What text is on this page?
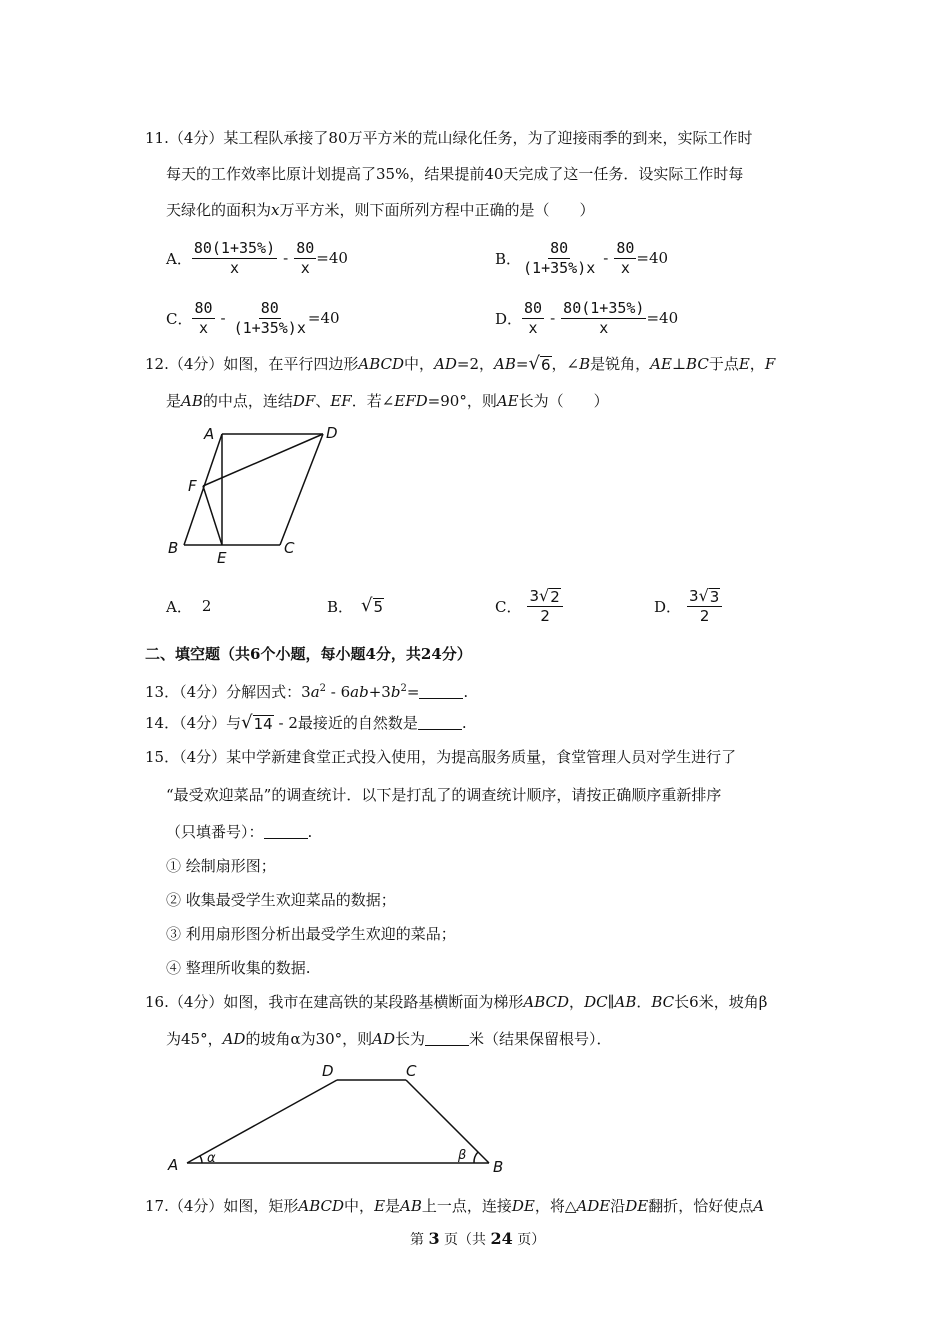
11.（4分）某工程队承接了80万平方米的荒山绿化任务，为了迎接雨季的到来，实际工作时
每天的工作效率比原计划提高了35%，结果提前40天完成了这一任务．设实际工作时每
天绿化的面积为x万平方米，则下面所列方程中正确的是（　　）
A． $\frac{80(1+35\%)}{x} - \frac{80}{x} =40$	B． $\frac{80}{(1+35\%)x} - \frac{80}{x} =40$
C． $\frac{80}{x} - \frac{80}{(1+35\%)x} =40$	D． $\frac{80}{x} - \frac{80(1+35\%)}{x} =40$
12.（4分）如图，在平行四边形ABCD中，AD=2，AB= √ 6 ，∠B是锐角，AE⊥BC于点E，F
是AB的中点，连结DF、EF．若∠EFD=90°，则AE长为（　　）
A	D
F
B
E
C
A． 2	B． √ 5	C． $\frac{3 √ 2}{2}$	D． $\frac{3 √ 3}{2}$
二、填空题（共6个小题，每小题4分，共24分）
13．（4分）分解因式：$3a^2 - 6ab+3b^2=$	.
14．（4分）与 √ 14 - 2最接近的自然数是	.
15．（4分）某中学新建食堂正式投入使用，为提高服务质量，食堂管理人员对学生进行了
“最受欢迎菜品”的调查统计．以下是打乱了的调查统计顺序，请按正确顺序重新排序
（只填番号）：	.
① 绘制扇形图；
② 收集最受学生欢迎菜品的数据；
③ 利用扇形图分析出最受学生欢迎的菜品；
④ 整理所收集的数据.
16.（4分）如图，我市在建高铁的某段路基横断面为梯形ABCD，DC∥AB．BC长6米，坡角β
为45°，AD的坡角α为30°，则AD长为	米（结果保留根号）．
D	C
A	B
α	β
17.（4分）如图，矩形ABCD中，E是AB上一点，连接DE，将△ADE沿DE翻折，恰好使点A
第 3 页（共 24 页）
